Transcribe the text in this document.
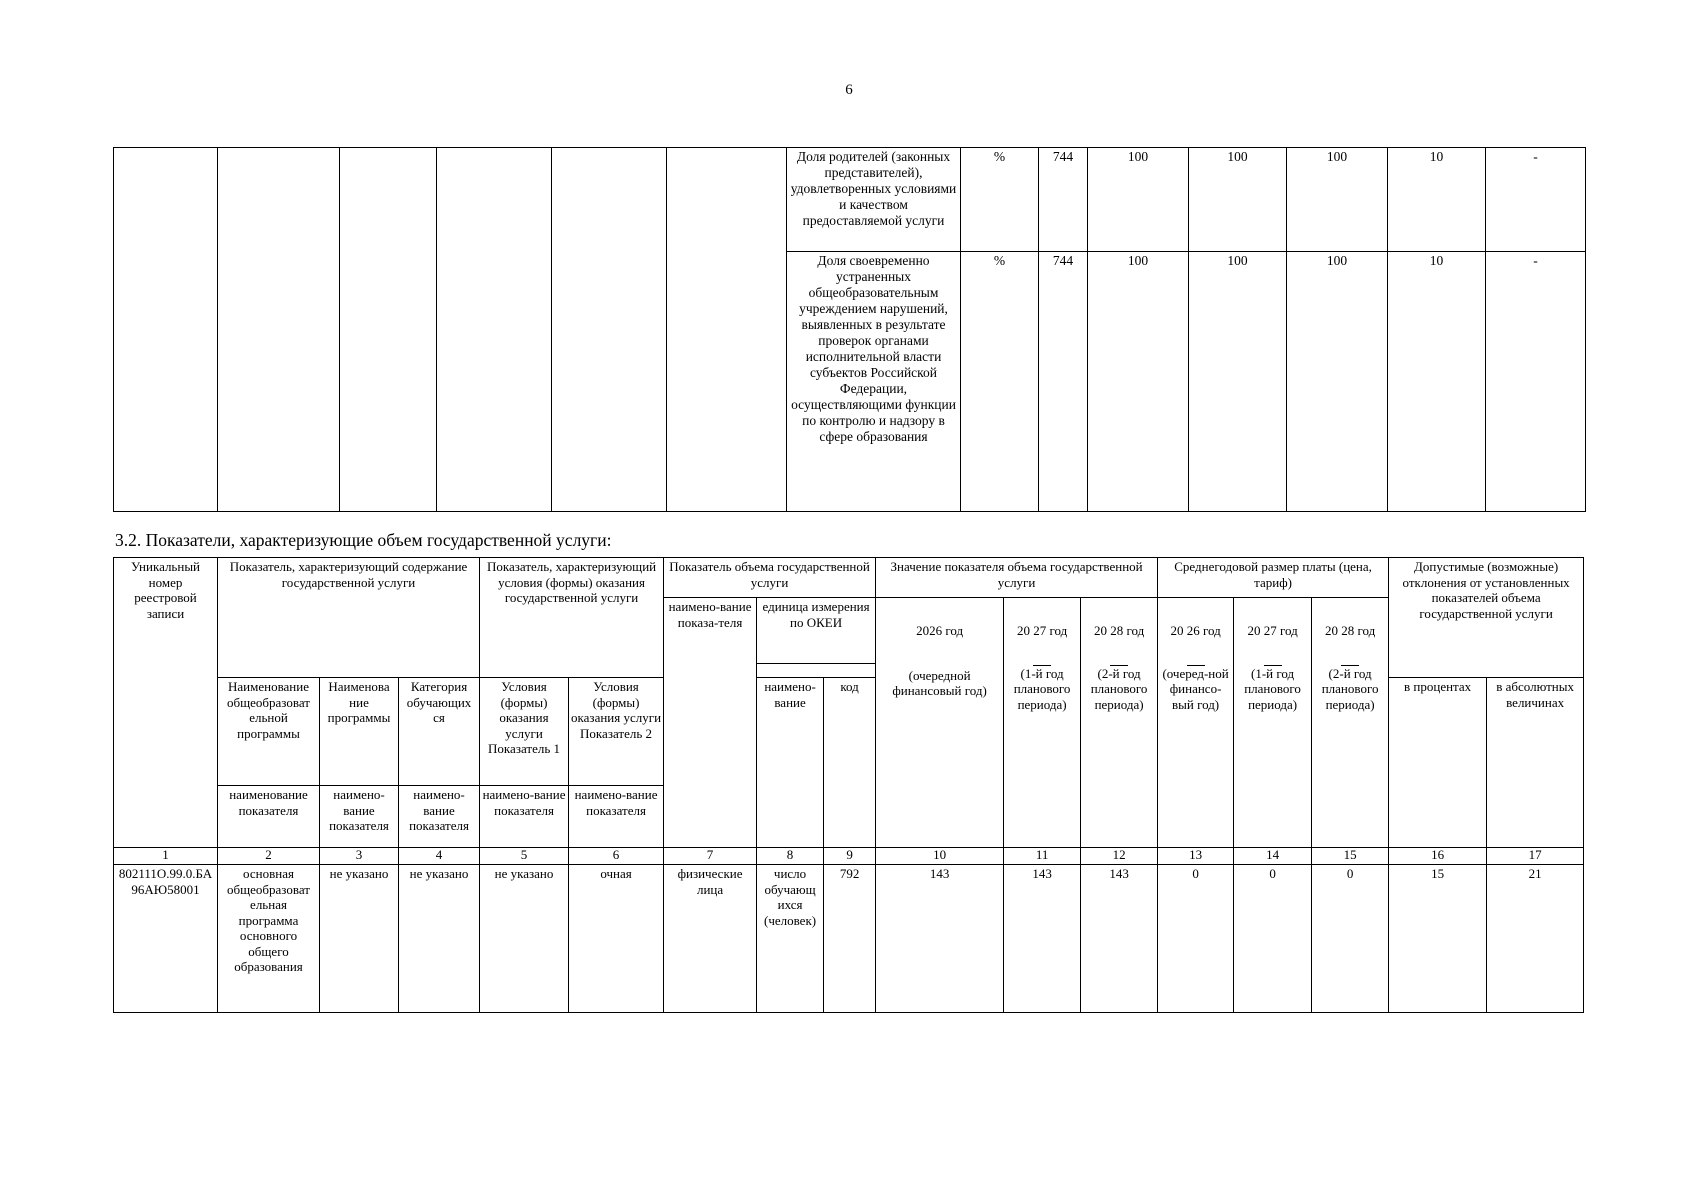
6
						Доля родителей (законных представителей), удовлетворенных условиями и качеством предоставляемой услуги	%	744	100	100	100	10	-
						Доля своевременно устраненных общеобразовательным учреждением нарушений, выявленных в результате проверок органами исполнительной власти субъектов Российской Федерации, осуществляющими функции по контролю и надзору в сфере образования	%	744	100	100	100	10	-
3.2. Показатели, характеризующие объем государственной услуги:
Уникальный номер реестровой записи	Показатель, характеризующий содержание государственной услуги			Показатель, характеризующий условия (формы) оказания государственной услуги		Показатель объема государственной услуги			Значение показателя объема государственной услуги			Среднегодовой размер платы (цена, тариф)			Допустимые (возможные) отклонения от установленных показателей объема государственной услуги	
						наимено-вание показа-теля	единица измерения по ОКЕИ		2026 год	20 27 год	20 28 год	20 26 год	20 27 год	20 28 год		
									(очередной финансовый год)	(1-й год планового периода)	(2-й год планового периода)	(очеред-ной финансо-вый год)	(1-й год планового периода)	(2-й год планового периода)		
	Наименование общеобразоват ельной программы	Наименова ние программы	Категория обучающих ся	Условия (формы) оказания услуги Показатель 1	Условия (формы) оказания услуги Показатель 2		наимено-вание	код							в процентах	в абсолютных величинах
	наименование показателя	наимено-вание показателя	наимено-вание показателя	наимено-вание показателя	наимено-вание показателя											
1	2	3	4	5	6	7	8	9	10	11	12	13	14	15	16	17
802111О.99.0.БА96АЮ58001	основная общеобразоват ельная программа основного общего образования	не указано	не указано	не указано	очная	физические лица	число обучающ ихся (человек)	792	143	143	143	0	0	0	15	21
